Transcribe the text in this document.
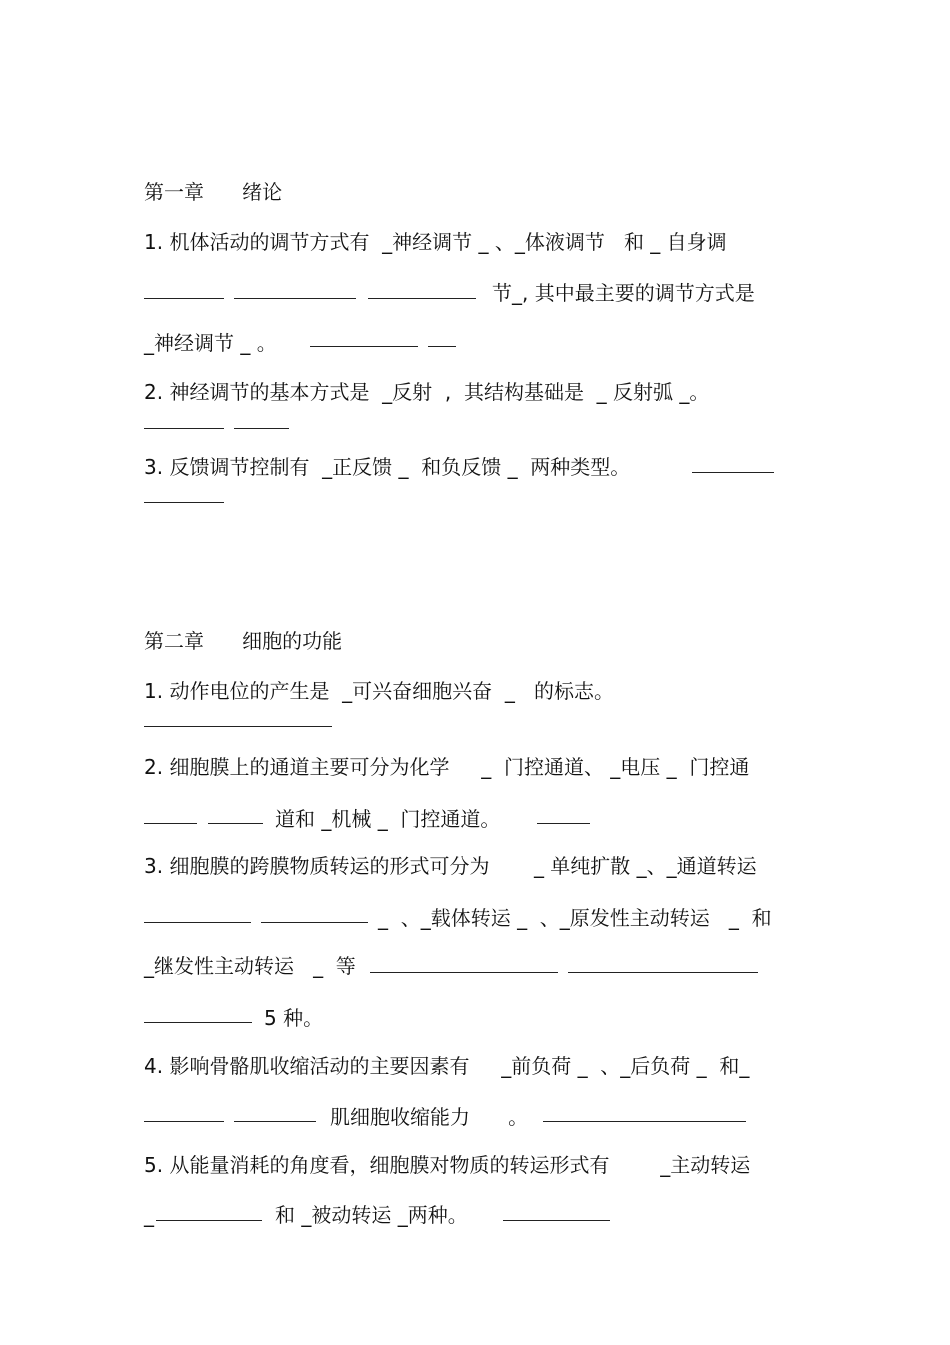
第一章      绪论
1. 机体活动的调节方式有  _神经调节 _ 、_体液调节   和 _ 自身调
节_, 其中最主要的调节方式是
_神经调节 _ 。
2. 神经调节的基本方式是  _反射  ,  其结构基础是  _ 反射弧 _。
3. 反馈调节控制有  _正反馈 _  和负反馈 _  两种类型。
第二章      细胞的功能
1. 动作电位的产生是  _可兴奋细胞兴奋  _   的标志。
2. 细胞膜上的通道主要可分为化学     _  门控通道、 _电压 _  门控通
道和 _机械 _  门控通道。
3. 细胞膜的跨膜物质转运的形式可分为       _ 单纯扩散 _、_通道转运
_  、_载体转运 _  、_原发性主动转运   _  和
_继发性主动转运   _  等
5 种。
4. 影响骨骼肌收缩活动的主要因素有     _前负荷 _  、_后负荷 _  和_
肌细胞收缩能力      。
5. 从能量消耗的角度看，细胞膜对物质的转运形式有        _主动转运
_	和 _被动转运 _两种。
